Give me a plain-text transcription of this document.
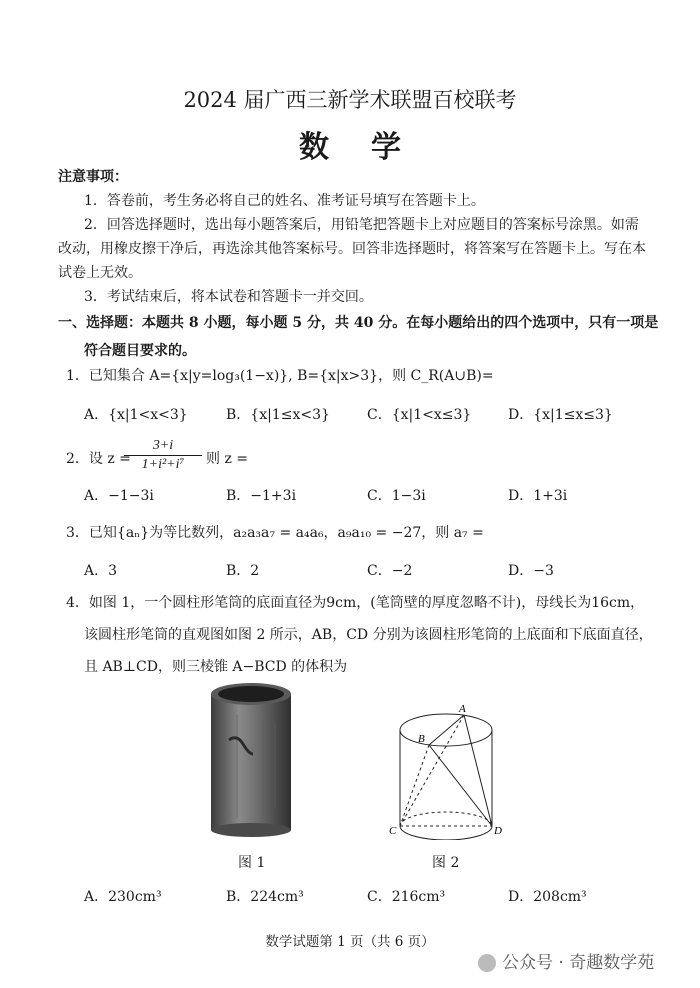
2024 届广西三新学术联盟百校联考
数学
注意事项：
1．答卷前，考生务必将自己的姓名、准考证号填写在答题卡上。
2．回答选择题时，选出每小题答案后，用铅笔把答题卡上对应题目的答案标号涂黑。如需
改动，用橡皮擦干净后，再选涂其他答案标号。回答非选择题时，将答案写在答题卡上。写在本
试卷上无效。
3．考试结束后，将本试卷和答题卡一并交回。
一、选择题：本题共 8 小题，每小题 5 分，共 40 分。在每小题给出的四个选项中，只有一项是
符合题目要求的。
1．已知集合 A={x|y=log₃(1−x)}, B={x|x>3}，则 C_R(A∪B)=
A．{x|1<x<3}	B．{x|1≤x<3}	C．{x|1<x≤3}	D．{x|1≤x≤3}
2．设 z =
$\frac{3+i}{\text{1+i²+i⁷}}$ 则 z =
A．−1−3i	B．−1+3i	C．1−3i	D．1+3i
3．已知{aₙ}为等比数列，a₂a₃a₇ = a₄a₆，a₉a₁₀ = −27，则 a₇ =
A．3	B．2	C．−2	D．−3
4．如图 1，一个圆柱形笔筒的底面直径为9cm，(笔筒壁的厚度忽略不计)，母线长为16cm，
该圆柱形笔筒的直观图如图 2 所示，AB，CD 分别为该圆柱形笔筒的上底面和下底面直径，
且 AB⊥CD，则三棱锥 A−BCD 的体积为
图 1
A
B
C	D
图 2
A．230cm³	B．224cm³	C．216cm³	D．208cm³
数学试题第 1 页（共 6 页）
公众号 · 奇趣数学苑
